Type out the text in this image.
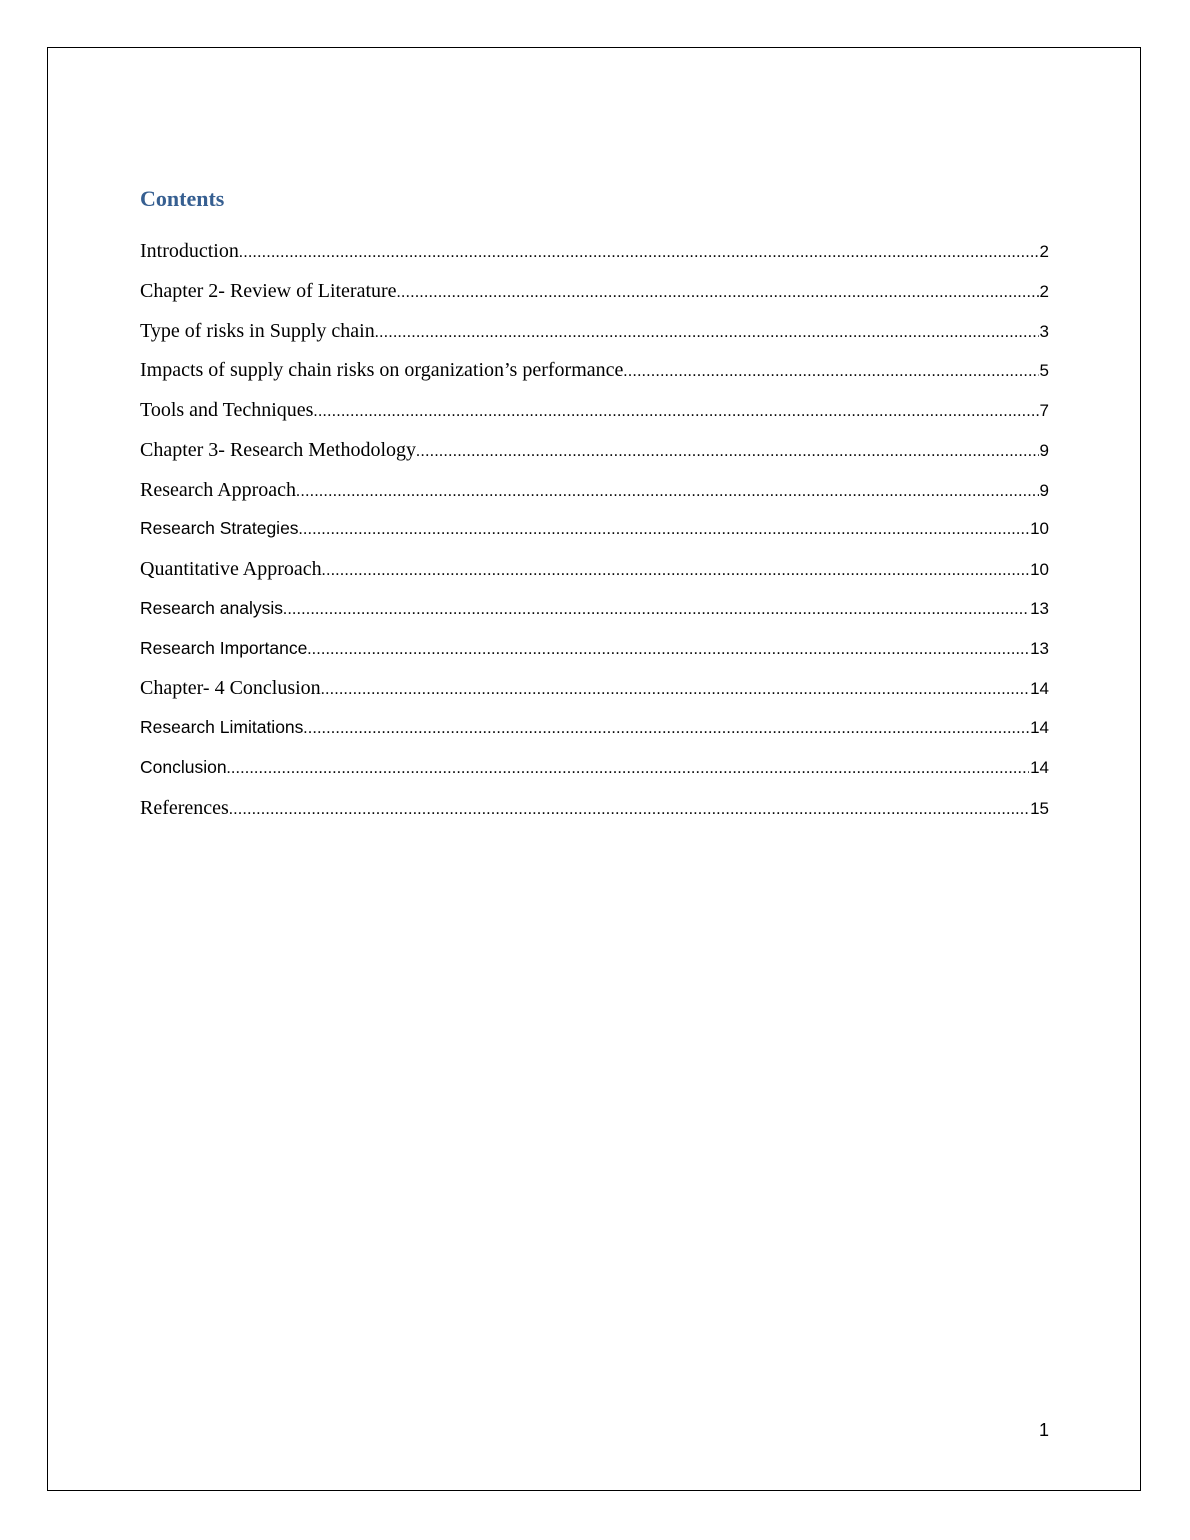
Contents
Introduction .....	2
Chapter 2- Review of Literature .....	2
Type of risks in Supply chain .....	3
Impacts of supply chain risks on organization’s performance .....	5
Tools and Techniques .....	7
Chapter 3- Research Methodology .....	9
Research Approach .....	9
Research Strategies .....	10
Quantitative Approach .....	10
Research analysis .....	13
Research Importance .....	13
Chapter- 4 Conclusion .....	14
Research Limitations .....	14
Conclusion .....	14
References .....	15
1
